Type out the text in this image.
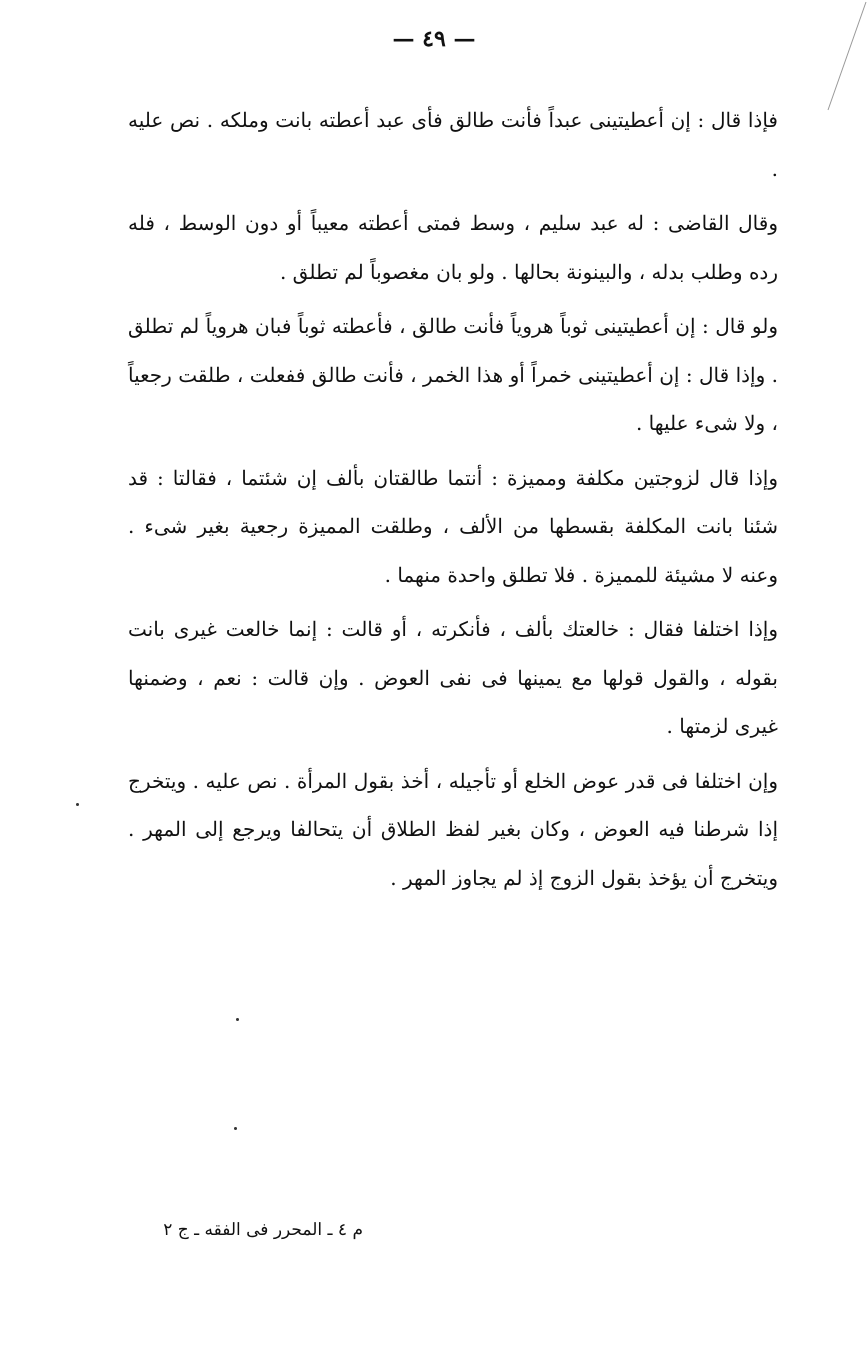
— ٤٩ —

فإذا قال : إن أعطيتينى عبداً فأنت طالق فأى عبد أعطته بانت وملكه . نص عليه .

وقال القاضى : له عبد سليم ، وسط فمتى أعطته معيباً أو دون الوسط ، فله رده وطلب بدله ، والبينونة بحالها . ولو بان مغصوباً لم تطلق .

ولو قال : إن أعطيتينى ثوباً هروياً فأنت طالق ، فأعطته ثوباً فبان هروياً لم تطلق . وإذا قال : إن أعطيتينى خمراً أو هذا الخمر ، فأنت طالق ففعلت ، طلقت رجعياً ، ولا شىء عليها .

وإذا قال لزوجتين مكلفة ومميزة : أنتما طالقتان بألف إن شئتما ، فقالتا : قد شئنا بانت المكلفة بقسطها من الألف ، وطلقت المميزة رجعية بغير شىء . وعنه لا مشيئة للمميزة . فلا تطلق واحدة منهما .

وإذا اختلفا فقال : خالعتك بألف ، فأنكرته ، أو قالت : إنما خالعت غيرى بانت بقوله ، والقول قولها مع يمينها فى نفى العوض . وإن قالت : نعم ، وضمنها غيرى لزمتها .

وإن اختلفا فى قدر عوض الخلع أو تأجيله ، أخذ بقول المرأة . نص عليه . ويتخرج إذا شرطنا فيه العوض ، وكان بغير لفظ الطلاق أن يتحالفا ويرجع إلى المهر . ويتخرج أن يؤخذ بقول الزوج إذ لم يجاوز المهر .

م ٤ ـ المحرر فى الفقه ـ ج ٢
